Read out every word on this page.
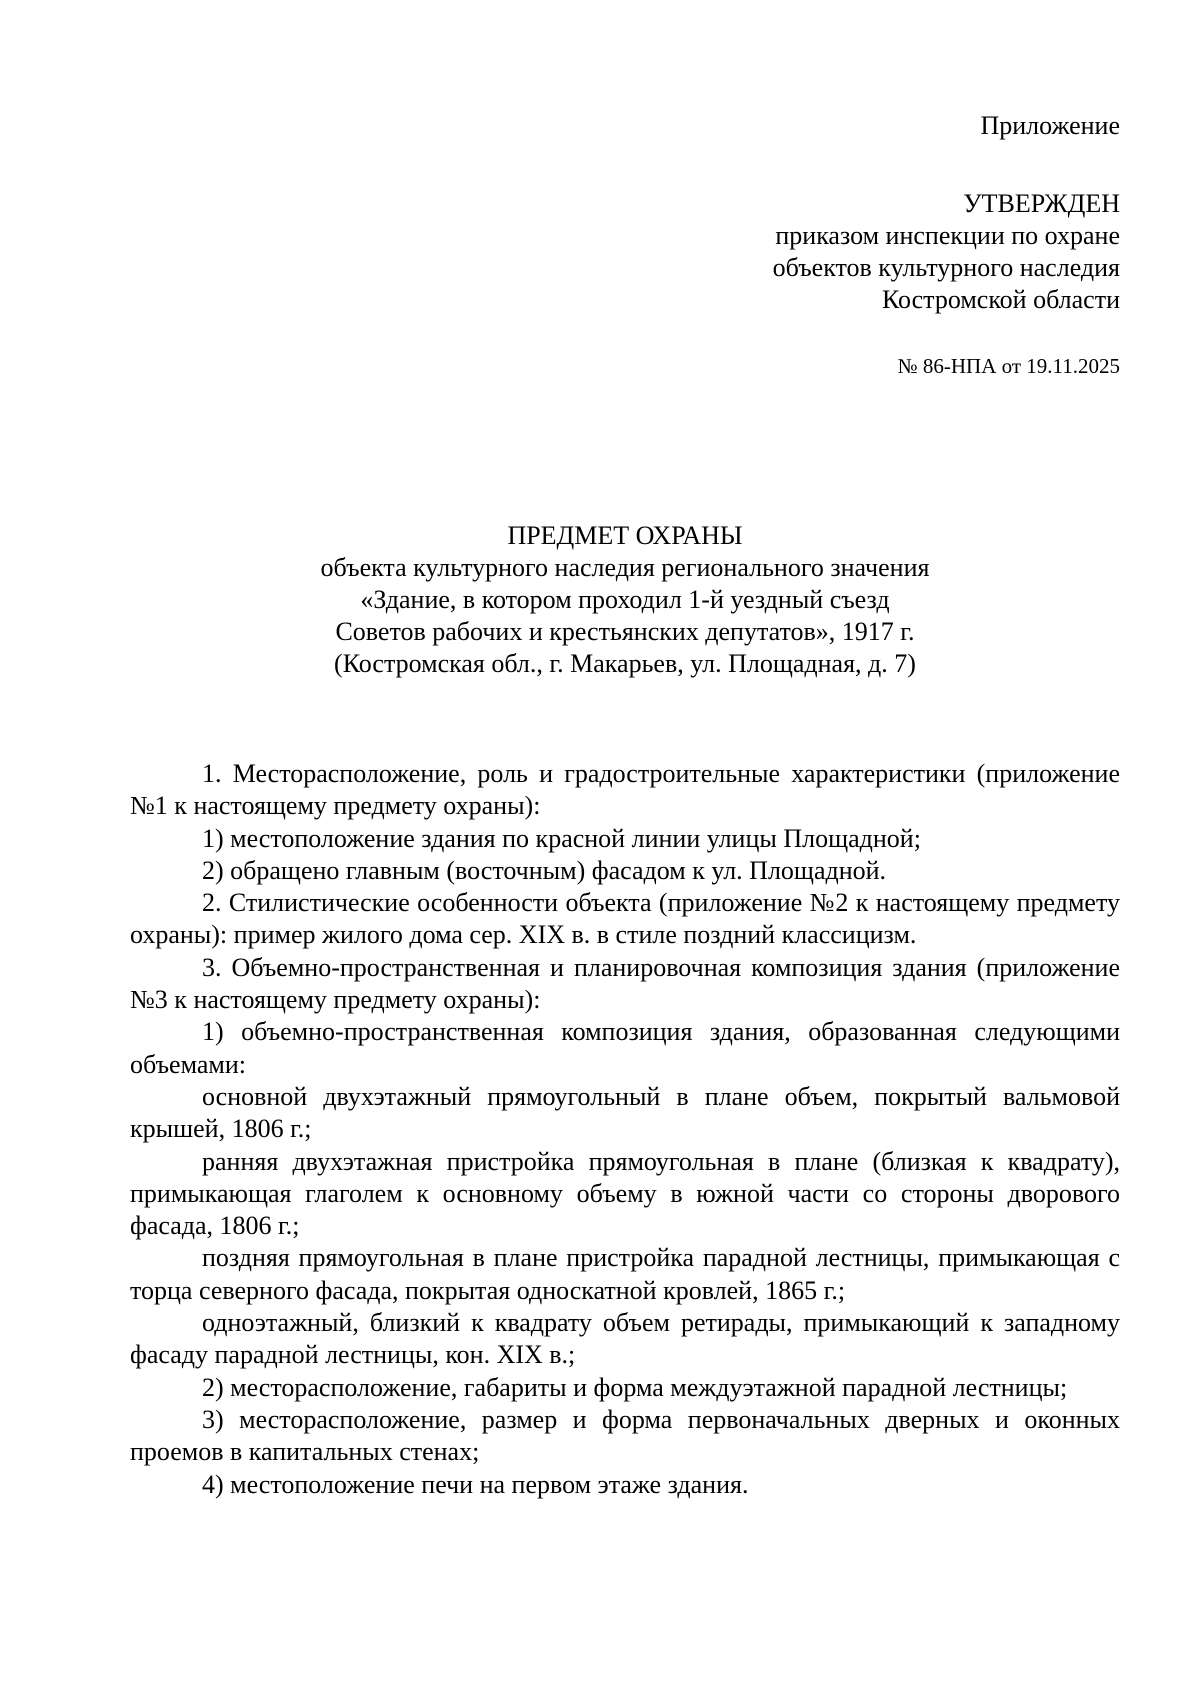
Приложение
УТВЕРЖДЕН
приказом инспекции по охране
объектов культурного наследия
Костромской области
№ 86-НПА от 19.11.2025
ПРЕДМЕТ ОХРАНЫ
объекта культурного наследия регионального значения
«Здание, в котором проходил 1-й уездный съезд
Советов рабочих и крестьянских депутатов», 1917 г.
(Костромская обл., г. Макарьев, ул. Площадная, д. 7)

1. Месторасположение, роль и градостроительные характеристики (приложение №1 к настоящему предмету охраны):

1) местоположение здания по красной линии улицы Площадной;

2) обращено главным (восточным) фасадом к ул. Площадной.

2. Стилистические особенности объекта (приложение №2 к настоящему предмету охраны): пример жилого дома сер. XIX в. в стиле поздний классицизм.

3. Объемно-пространственная и планировочная композиция здания (приложение №3 к настоящему предмету охраны):

1) объемно-пространственная композиция здания, образованная следующими объемами:

основной двухэтажный прямоугольный в плане объем, покрытый вальмовой крышей, 1806 г.;

ранняя двухэтажная пристройка прямоугольная в плане (близкая к квадрату), примыкающая глаголем к основному объему в южной части со стороны дворового фасада, 1806 г.;

поздняя прямоугольная в плане пристройка парадной лестницы, примыкающая с торца северного фасада, покрытая односкатной кровлей, 1865 г.;

одноэтажный, близкий к квадрату объем ретирады, примыкающий к западному фасаду парадной лестницы, кон. XIX в.;

2) месторасположение, габариты и форма междуэтажной парадной лестницы;

3) месторасположение, размер и форма первоначальных дверных и оконных проемов в капитальных стенах;

4) местоположение печи на первом этаже здания.
